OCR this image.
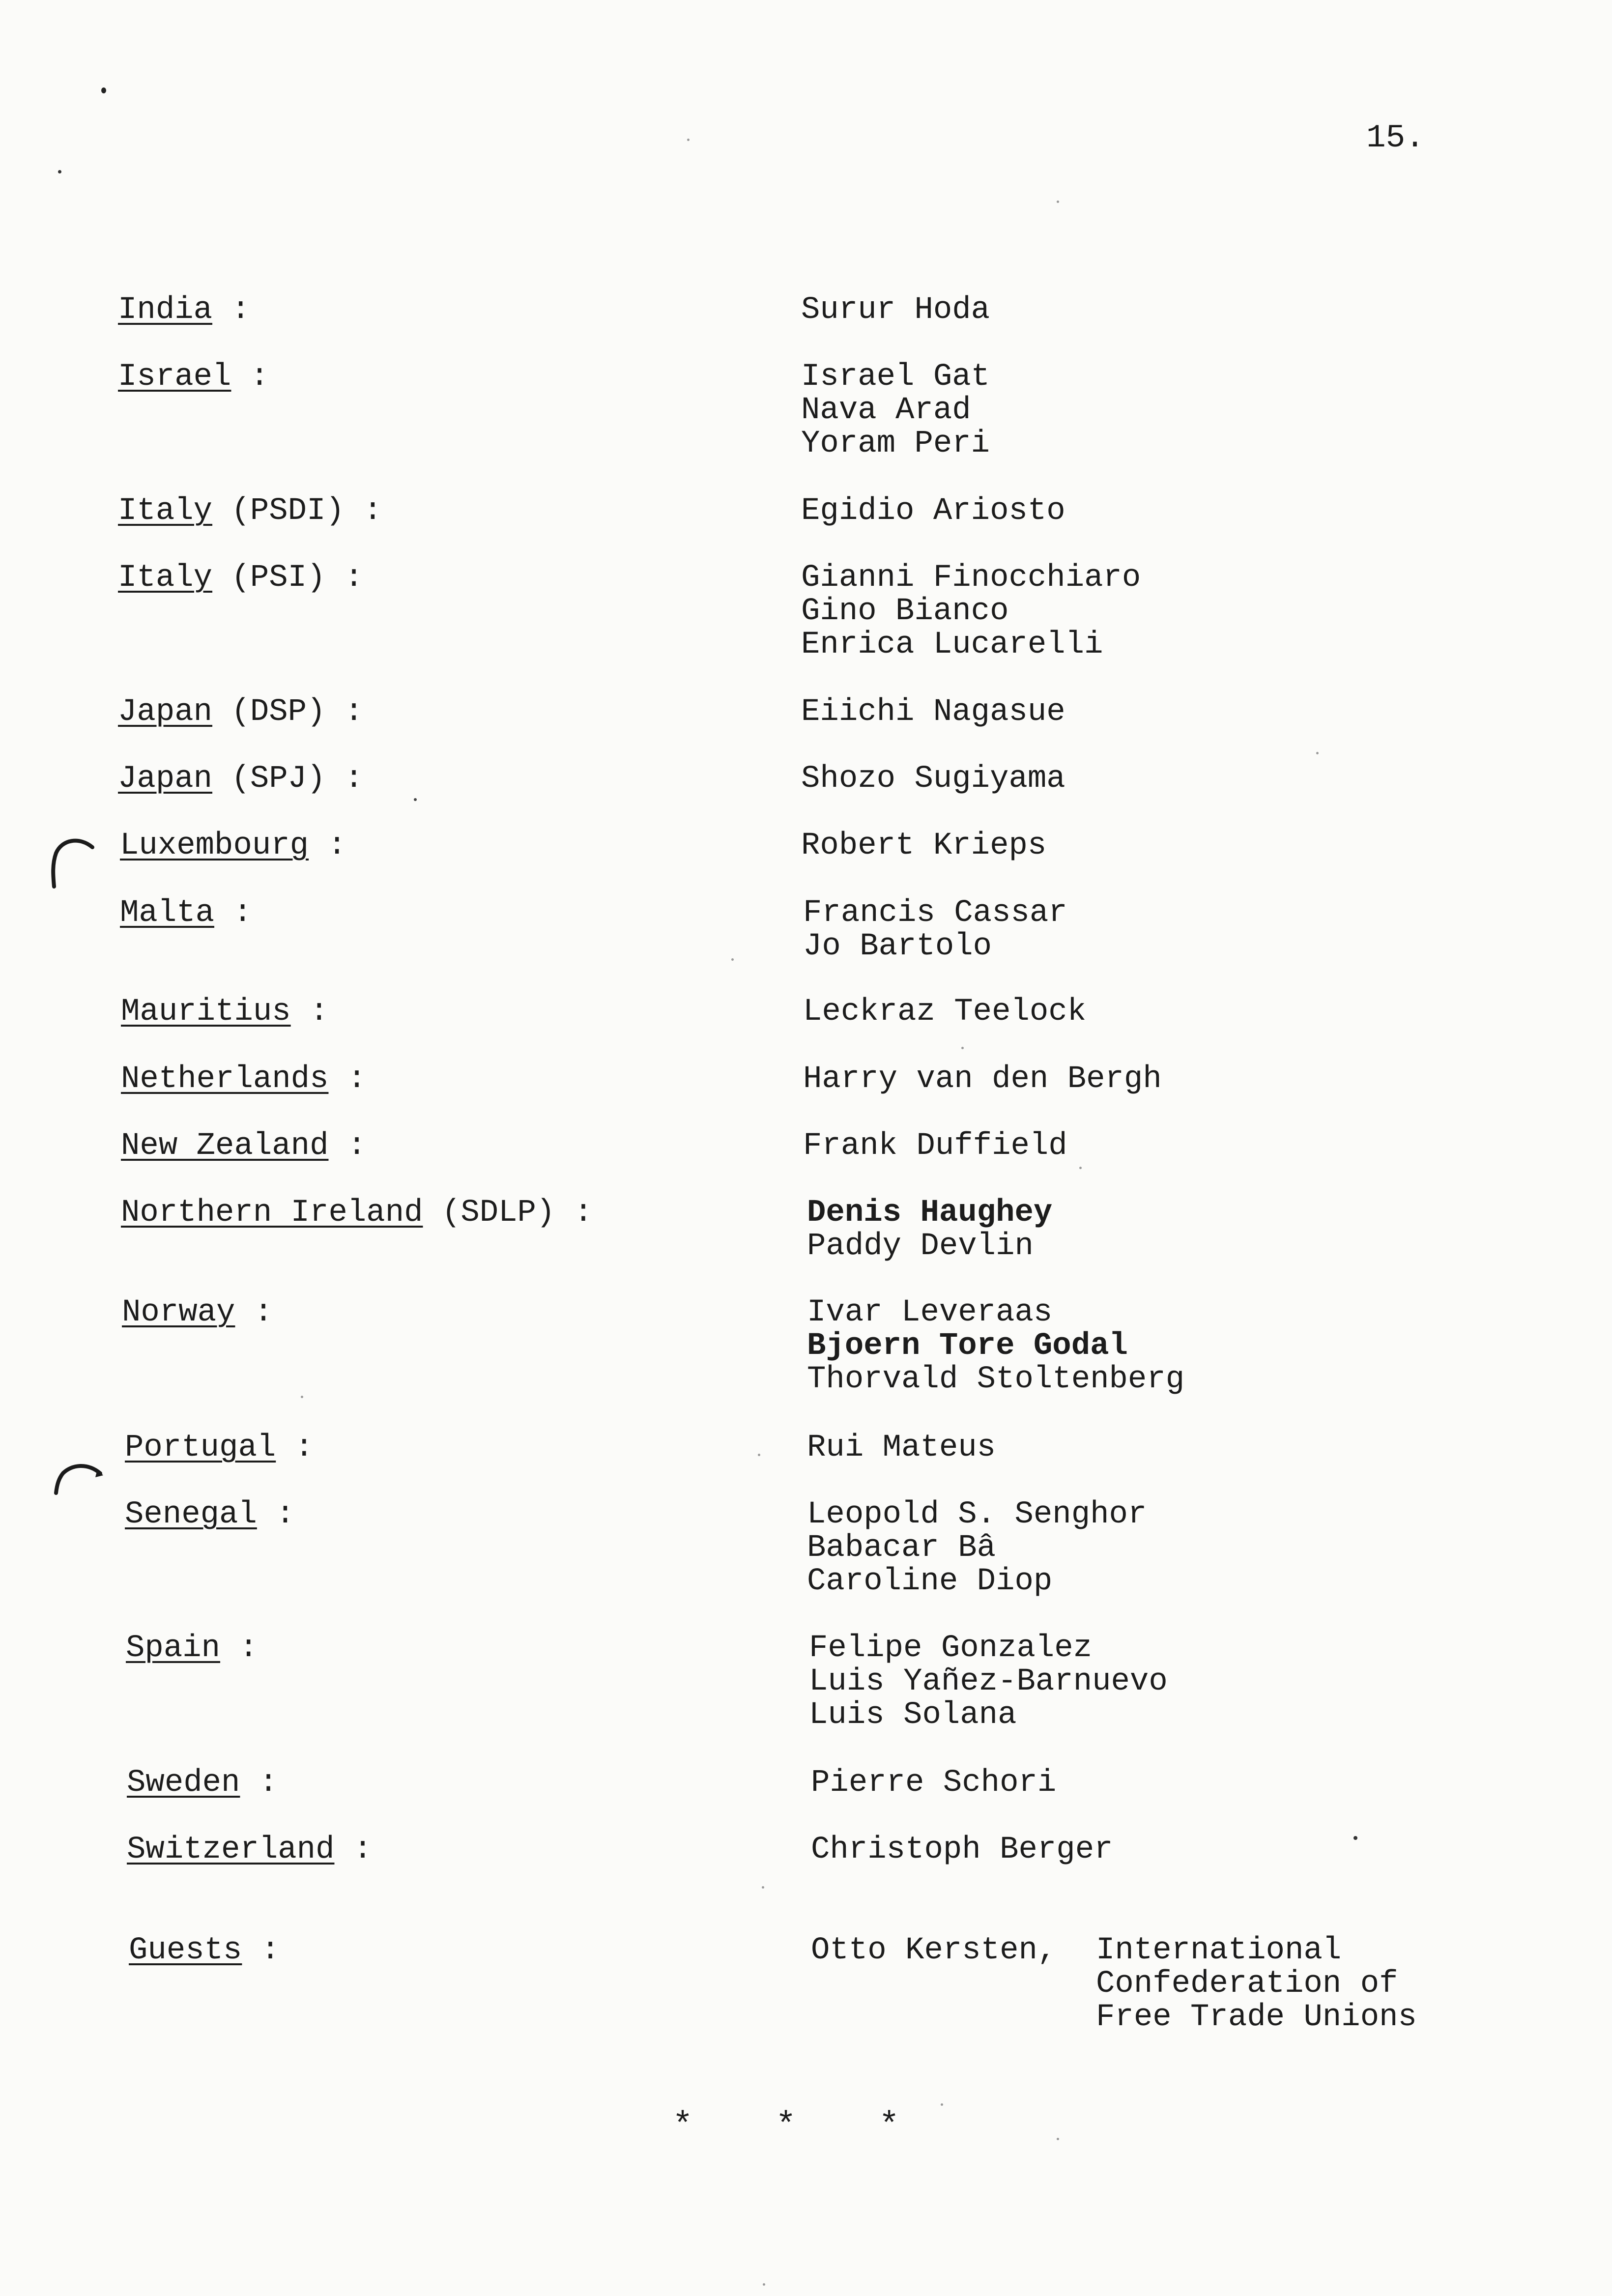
15.
India :	Surur Hoda
Israel :	Israel Gat
Nava Arad
Yoram Peri
Italy (PSDI) :	Egidio Ariosto
Italy (PSI) :	Gianni Finocchiaro
Gino Bianco
Enrica Lucarelli
Japan (DSP) :	Eiichi Nagasue
Japan (SPJ) :	Shozo Sugiyama
Luxembourg :	Robert Krieps
Malta :	Francis Cassar
Jo Bartolo
Mauritius :	Leckraz Teelock
Netherlands :	Harry van den Bergh
New Zealand :	Frank Duffield
Northern Ireland (SDLP) :	Denis Haughey
Paddy Devlin
Norway :	Ivar Leveraas
Bjoern Tore Godal
Thorvald Stoltenberg
Portugal :	Rui Mateus
Senegal :	Leopold S. Senghor
Babacar Bâ
Caroline Diop
Spain :	Felipe Gonzalez
Luis Yañez-Barnuevo
Luis Solana
Sweden :	Pierre Schori
Switzerland :	Christoph Berger
Guests :	Otto Kersten, International
Confederation of
Free Trade Unions
*    *    *
